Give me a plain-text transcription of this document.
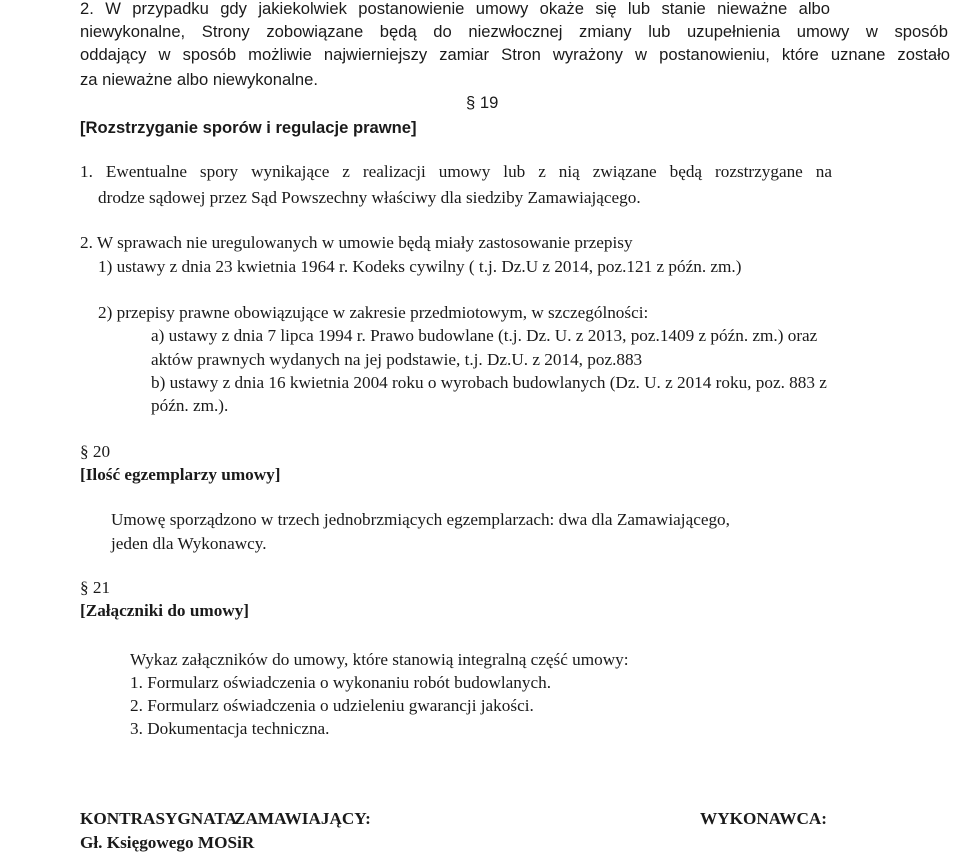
2. W przypadku gdy jakiekolwiek postanowienie umowy okaże się lub stanie nieważne albo
niewykonalne, Strony zobowiązane będą do niezwłocznej zmiany lub uzupełnienia umowy w sposób
oddający w sposób możliwie najwierniejszy zamiar Stron wyrażony w postanowieniu, które uznane zostało
za nieważne albo niewykonalne.
§ 19
[Rozstrzyganie sporów i regulacje prawne]
1. Ewentualne spory wynikające z realizacji umowy lub z nią związane będą rozstrzygane na
drodze sądowej przez Sąd Powszechny właściwy dla siedziby Zamawiającego.
2. W sprawach nie uregulowanych w umowie będą miały zastosowanie przepisy
1) ustawy z dnia 23 kwietnia 1964 r. Kodeks cywilny ( t.j. Dz.U z 2014, poz.121 z późn. zm.)
2) przepisy prawne obowiązujące w zakresie przedmiotowym, w szczególności:
a) ustawy z dnia 7 lipca 1994 r. Prawo budowlane (t.j. Dz. U. z 2013, poz.1409 z późn. zm.) oraz
aktów prawnych wydanych na jej podstawie, t.j. Dz.U. z 2014, poz.883
b) ustawy z dnia 16 kwietnia 2004 roku o wyrobach budowlanych (Dz. U. z 2014 roku, poz. 883 z
późn. zm.).
§ 20
[Ilość egzemplarzy umowy]
Umowę sporządzono w trzech jednobrzmiących egzemplarzach: dwa dla Zamawiającego,
jeden dla Wykonawcy.
§ 21
[Załączniki do umowy]
Wykaz załączników do umowy, które stanowią integralną część umowy:
1. Formularz oświadczenia o wykonaniu robót budowlanych.
2. Formularz oświadczenia o udzieleniu gwarancji jakości.
3. Dokumentacja techniczna.
KONTRASYGNATA
Gł. Księgowego MOSiR
ZAMAWIAJĄCY:	WYKONAWCA:
